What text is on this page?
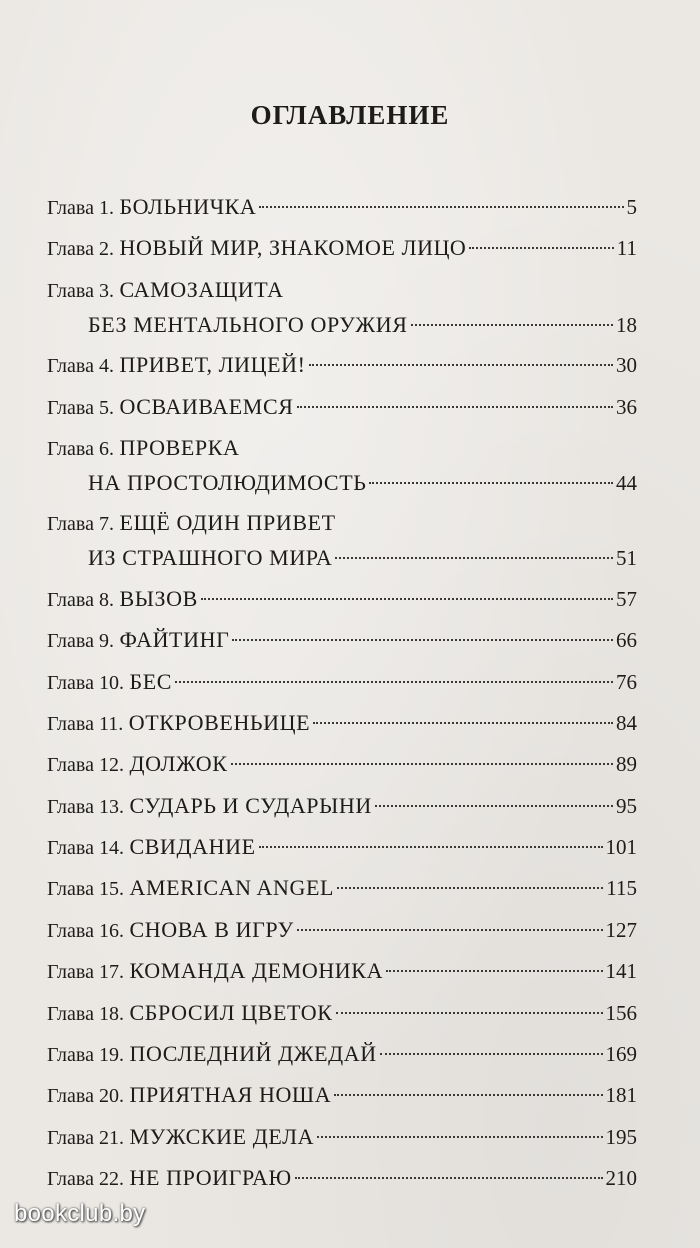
ОГЛАВЛЕНИЕ
Глава 1. БОЛЬНИЧКА	5
Глава 2. НОВЫЙ МИР, ЗНАКОМОЕ ЛИЦО	11
Глава 3. САМОЗАЩИТА
БЕЗ МЕНТАЛЬНОГО ОРУЖИЯ	18
Глава 4. ПРИВЕТ, ЛИЦЕЙ!	30
Глава 5. ОСВАИВАЕМСЯ	36
Глава 6. ПРОВЕРКА
НА ПРОСТОЛЮДИМОСТЬ	44
Глава 7. ЕЩЁ ОДИН ПРИВЕТ
ИЗ СТРАШНОГО МИРА	51
Глава 8. ВЫЗОВ	57
Глава 9. ФАЙТИНГ	66
Глава 10. БЕС	76
Глава 11. ОТКРОВЕНЬИЦЕ	84
Глава 12. ДОЛЖОК	89
Глава 13. СУДАРЬ И СУДАРЫНИ	95
Глава 14. СВИДАНИЕ	101
Глава 15. AMERICAN ANGEL	115
Глава 16. СНОВА В ИГРУ	127
Глава 17. КОМАНДА ДЕМОНИКА	141
Глава 18. СБРОСИЛ ЦВЕТОК	156
Глава 19. ПОСЛЕДНИЙ ДЖЕДАЙ	169
Глава 20. ПРИЯТНАЯ НОША	181
Глава 21. МУЖСКИЕ ДЕЛА	195
Глава 22. НЕ ПРОИГРАЮ	210
bookclub.by
